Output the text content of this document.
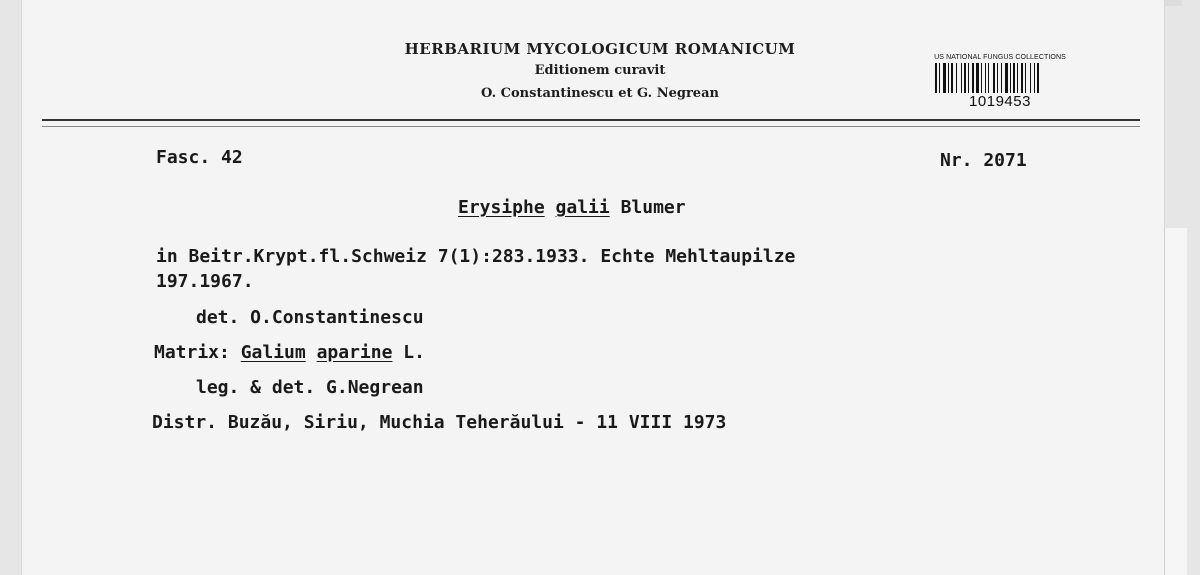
HERBARIUM MYCOLOGICUM ROMANICUM
Editionem curavit
O. Constantinescu et G. Negrean
US NATIONAL FUNGUS COLLECTIONS
1019453
Fasc. 42	Nr. 2071
Erysiphe galii Blumer
in Beitr.Krypt.fl.Schweiz 7(1):283.1933. Echte Mehltaupilze
197.1967.
det. O.Constantinescu
Matrix: Galium aparine L.
leg. & det. G.Negrean
Distr. Buzău, Siriu, Muchia Teherăului - 11 VIII 1973
